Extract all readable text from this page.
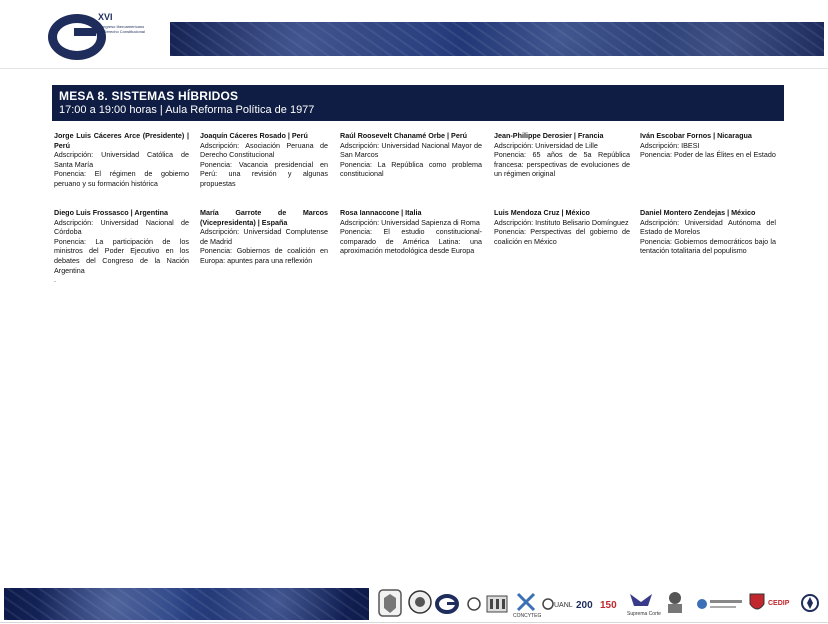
XVI
Congreso Iberoamericano de Derecho Constitucional
MESA 8. SISTEMAS HÍBRIDOS
17:00 a 19:00 horas | Aula Reforma Política de 1977

Jorge Luis Cáceres Arce (Presidente) | Perú

Adscripción: Universidad Católica de Santa María

Ponencia: El régimen de gobierno peruano y su formación histórica

Joaquín Cáceres Rosado | Perú

Adscripción: Asociación Peruana de Derecho Constitucional

Ponencia: Vacancia presidencial en Perú: una revisión y algunas propuestas

Raúl Roosevelt Chanamé Orbe | Perú

Adscripción: Universidad Nacional Mayor de San Marcos

Ponencia: La República como problema constitucional

Jean-Philippe Derosier | Francia

Adscripción: Universidad de Lille

Ponencia: 65 años de 5a República francesa: perspectivas de evoluciones de un régimen original

Iván Escobar Fornos | Nicaragua

Adscripción: IBESI

Ponencia: Poder de las Élites en el Estado

Diego Luis Frossasco | Argentina

Adscripción: Universidad Nacional de Córdoba

Ponencia: La participación de los ministros del Poder Ejecutivo en los debates del Congreso de la Nación Argentina

.

María Garrote de Marcos (Vicepresidenta) | España

Adscripción: Universidad Complutense de Madrid

Ponencia: Gobiernos de coalición en Europa: apuntes para una reflexión

Rosa Iannaccone | Italia

Adscripción: Universidad Sapienza di Roma

Ponencia: El estudio constitucional-comparado de América Latina: una aproximación metodológica desde Europa

Luis Mendoza Cruz | México

Adscripción: Instituto Belisario Domínguez

Ponencia: Perspectivas del gobierno de coalición en México

Daniel Montero Zendejas | México

Adscripción: Universidad Autónoma del Estado de Morelos

Ponencia: Gobiernos democráticos bajo la tentación totalitaria del populismo

CONCYTEG
UANL 200 150
Suprema Corte
CEDIP
